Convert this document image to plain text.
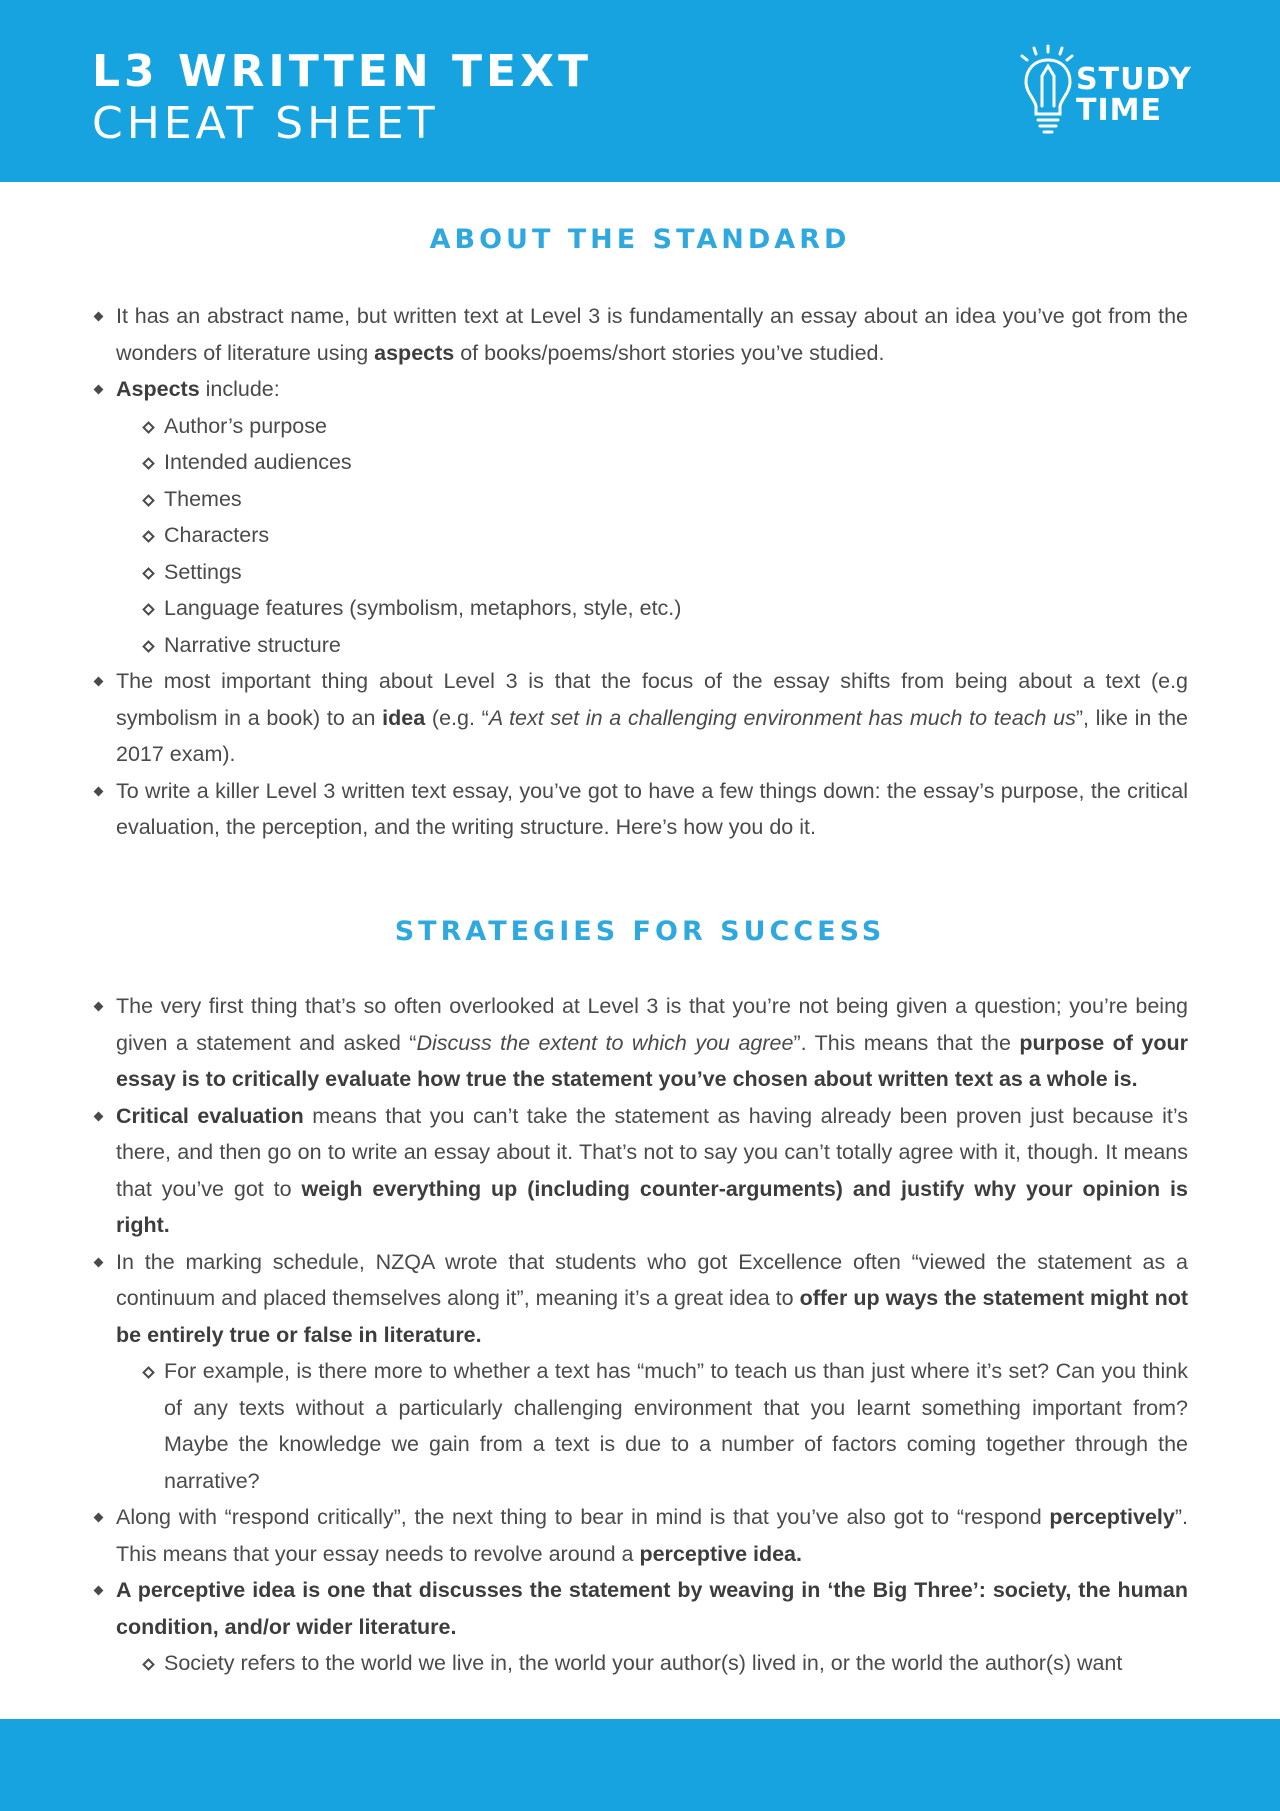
L3 WRITTEN TEXT
CHEAT SHEET
STUDY
TIME
ABOUT THE STANDARD
It has an abstract name, but written text at Level 3 is fundamentally an essay about an idea you’ve got from the wonders of literature using aspects of books/poems/short stories you’ve studied.
Aspects include:
Author’s purpose
Intended audiences
Themes
Characters
Settings
Language features (symbolism, metaphors, style, etc.)
Narrative structure
The most important thing about Level 3 is that the focus of the essay shifts from being about a text (e.g symbolism in a book) to an idea (e.g. “A text set in a challenging environment has much to teach us”, like in the 2017 exam).
To write a killer Level 3 written text essay, you’ve got to have a few things down: the essay’s purpose, the critical evaluation, the perception, and the writing structure. Here’s how you do it.
STRATEGIES FOR SUCCESS
The very first thing that’s so often overlooked at Level 3 is that you’re not being given a question; you’re being given a statement and asked “Discuss the extent to which you agree”. This means that the purpose of your essay is to critically evaluate how true the statement you’ve chosen about written text as a whole is.
Critical evaluation means that you can’t take the statement as having already been proven just because it’s there, and then go on to write an essay about it. That’s not to say you can’t totally agree with it, though. It means that you’ve got to weigh everything up (including counter-arguments) and justify why your opinion is right.
In the marking schedule, NZQA wrote that students who got Excellence often “viewed the statement as a continuum and placed themselves along it”, meaning it’s a great idea to offer up ways the statement might not be entirely true or false in literature.
For example, is there more to whether a text has “much” to teach us than just where it’s set? Can you think of any texts without a particularly challenging environment that you learnt something important from? Maybe the knowledge we gain from a text is due to a number of factors coming together through the narrative?
Along with “respond critically”, the next thing to bear in mind is that you’ve also got to “respond perceptively”. This means that your essay needs to revolve around a perceptive idea.
A perceptive idea is one that discusses the statement by weaving in ‘the Big Three’: society, the human condition, and/or wider literature.
Society refers to the world we live in, the world your author(s) lived in, or the world the author(s) want
